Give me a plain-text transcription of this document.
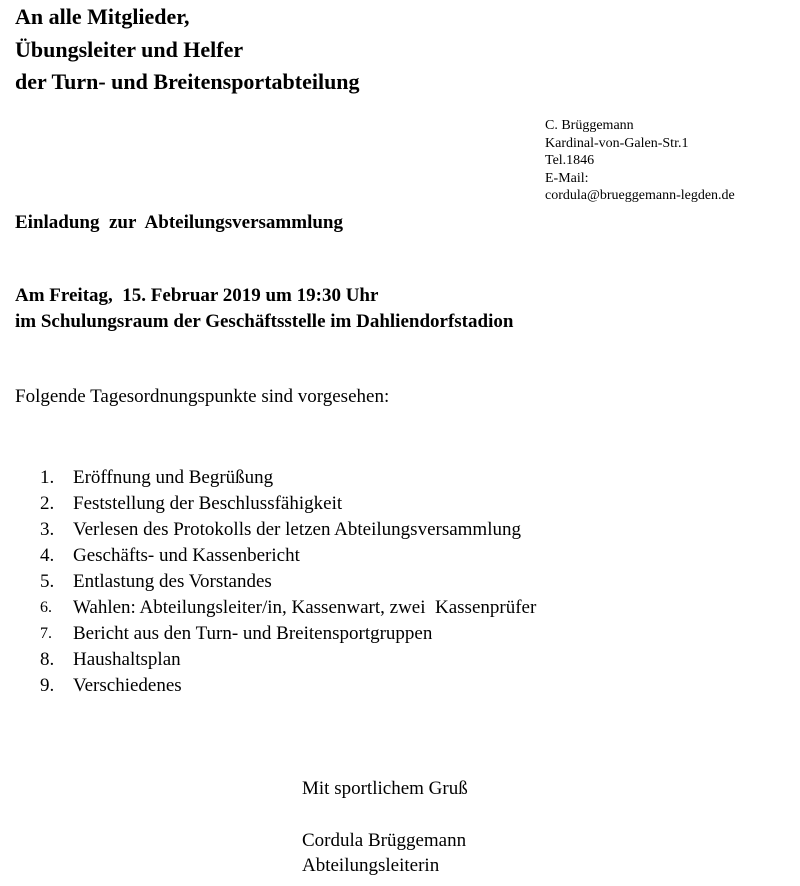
An alle Mitglieder,
Übungsleiter und Helfer
der Turn- und Breitensportabteilung
C. Brüggemann
Kardinal-von-Galen-Str.1
Tel.1846
E-Mail:
cordula@brueggemann-legden.de
Einladung  zur  Abteilungsversammlung
Am Freitag,  15. Februar 2019 um 19:30 Uhr
im Schulungsraum der Geschäftsstelle im Dahliendorfstadion
Folgende Tagesordnungspunkte sind vorgesehen:
1. Eröffnung und Begrüßung
2. Feststellung der Beschlussfähigkeit
3. Verlesen des Protokolls der letzen Abteilungsversammlung
4. Geschäfts- und Kassenbericht
5. Entlastung des Vorstandes
6.	Wahlen: Abteilungsleiter/in, Kassenwart, zwei  Kassenprüfer
7.	Bericht aus den Turn- und Breitensportgruppen
8. Haushaltsplan
9. Verschiedenes
Mit sportlichem Gruß
Cordula Brüggemann
Abteilungsleiterin
